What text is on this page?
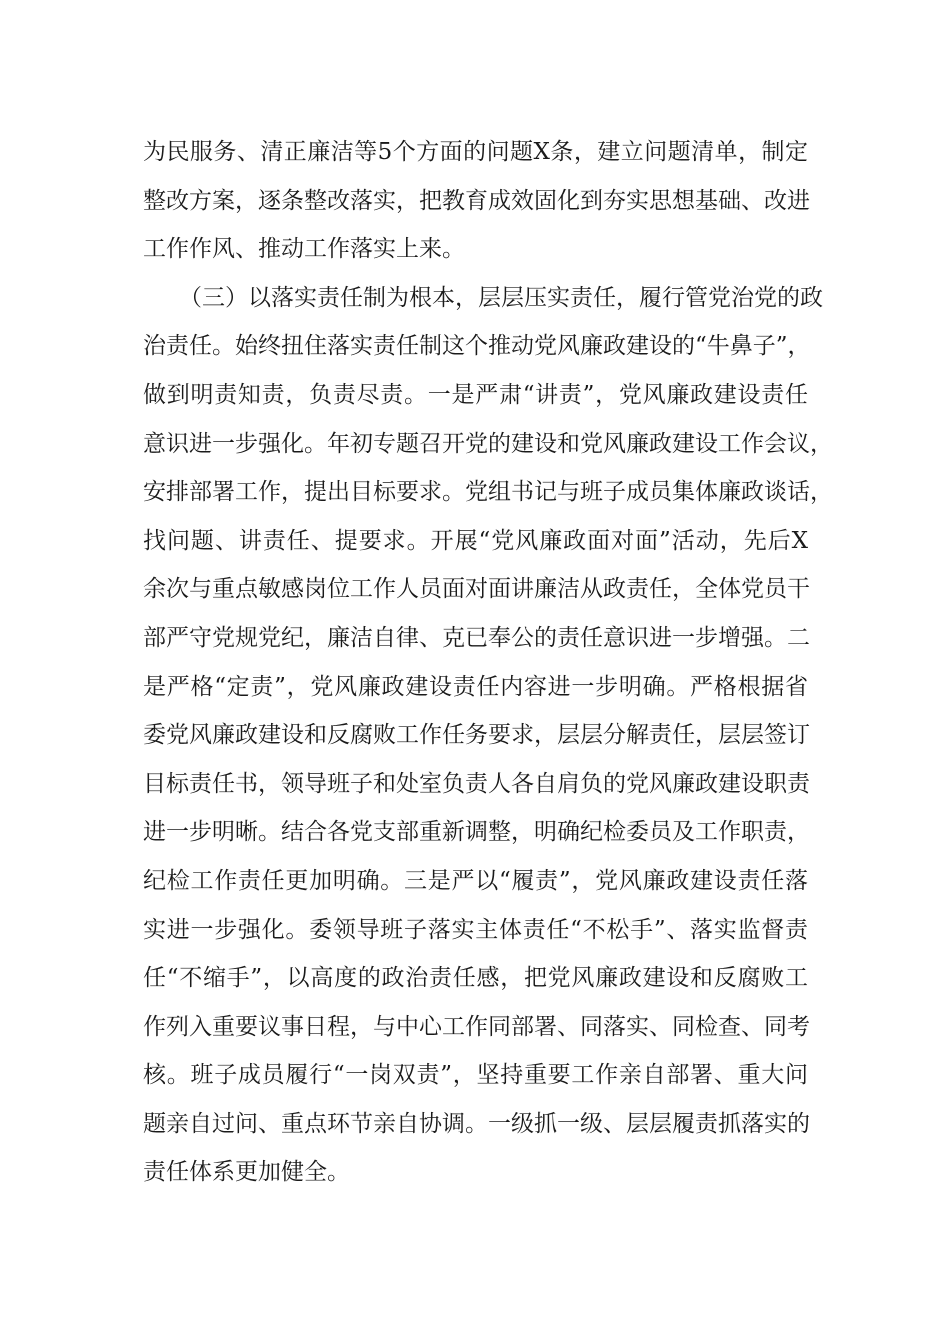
为民服务、清正廉洁等5个方面的问题X条，建立问题清单，制定
整改方案，逐条整改落实，把教育成效固化到夯实思想基础、改进
工作作风、推动工作落实上来。
（三）以落实责任制为根本，层层压实责任，履行管党治党的政
治责任。始终扭住落实责任制这个推动党风廉政建设的“牛鼻子”，
做到明责知责，负责尽责。一是严肃“讲责”，党风廉政建设责任
意识进一步强化。年初专题召开党的建设和党风廉政建设工作会议，
安排部署工作，提出目标要求。党组书记与班子成员集体廉政谈话，
找问题、讲责任、提要求。开展“党风廉政面对面”活动，先后X
余次与重点敏感岗位工作人员面对面讲廉洁从政责任，全体党员干
部严守党规党纪，廉洁自律、克已奉公的责任意识进一步增强。二
是严格“定责”，党风廉政建设责任内容进一步明确。严格根据省
委党风廉政建设和反腐败工作任务要求，层层分解责任，层层签订
目标责任书，领导班子和处室负责人各自肩负的党风廉政建设职责
进一步明晰。结合各党支部重新调整，明确纪检委员及工作职责，
纪检工作责任更加明确。三是严以“履责”，党风廉政建设责任落
实进一步强化。委领导班子落实主体责任“不松手”、落实监督责
任“不缩手”，以高度的政治责任感，把党风廉政建设和反腐败工
作列入重要议事日程，与中心工作同部署、同落实、同检查、同考
核。班子成员履行“一岗双责”，坚持重要工作亲自部署、重大问
题亲自过问、重点环节亲自协调。一级抓一级、层层履责抓落实的
责任体系更加健全。
